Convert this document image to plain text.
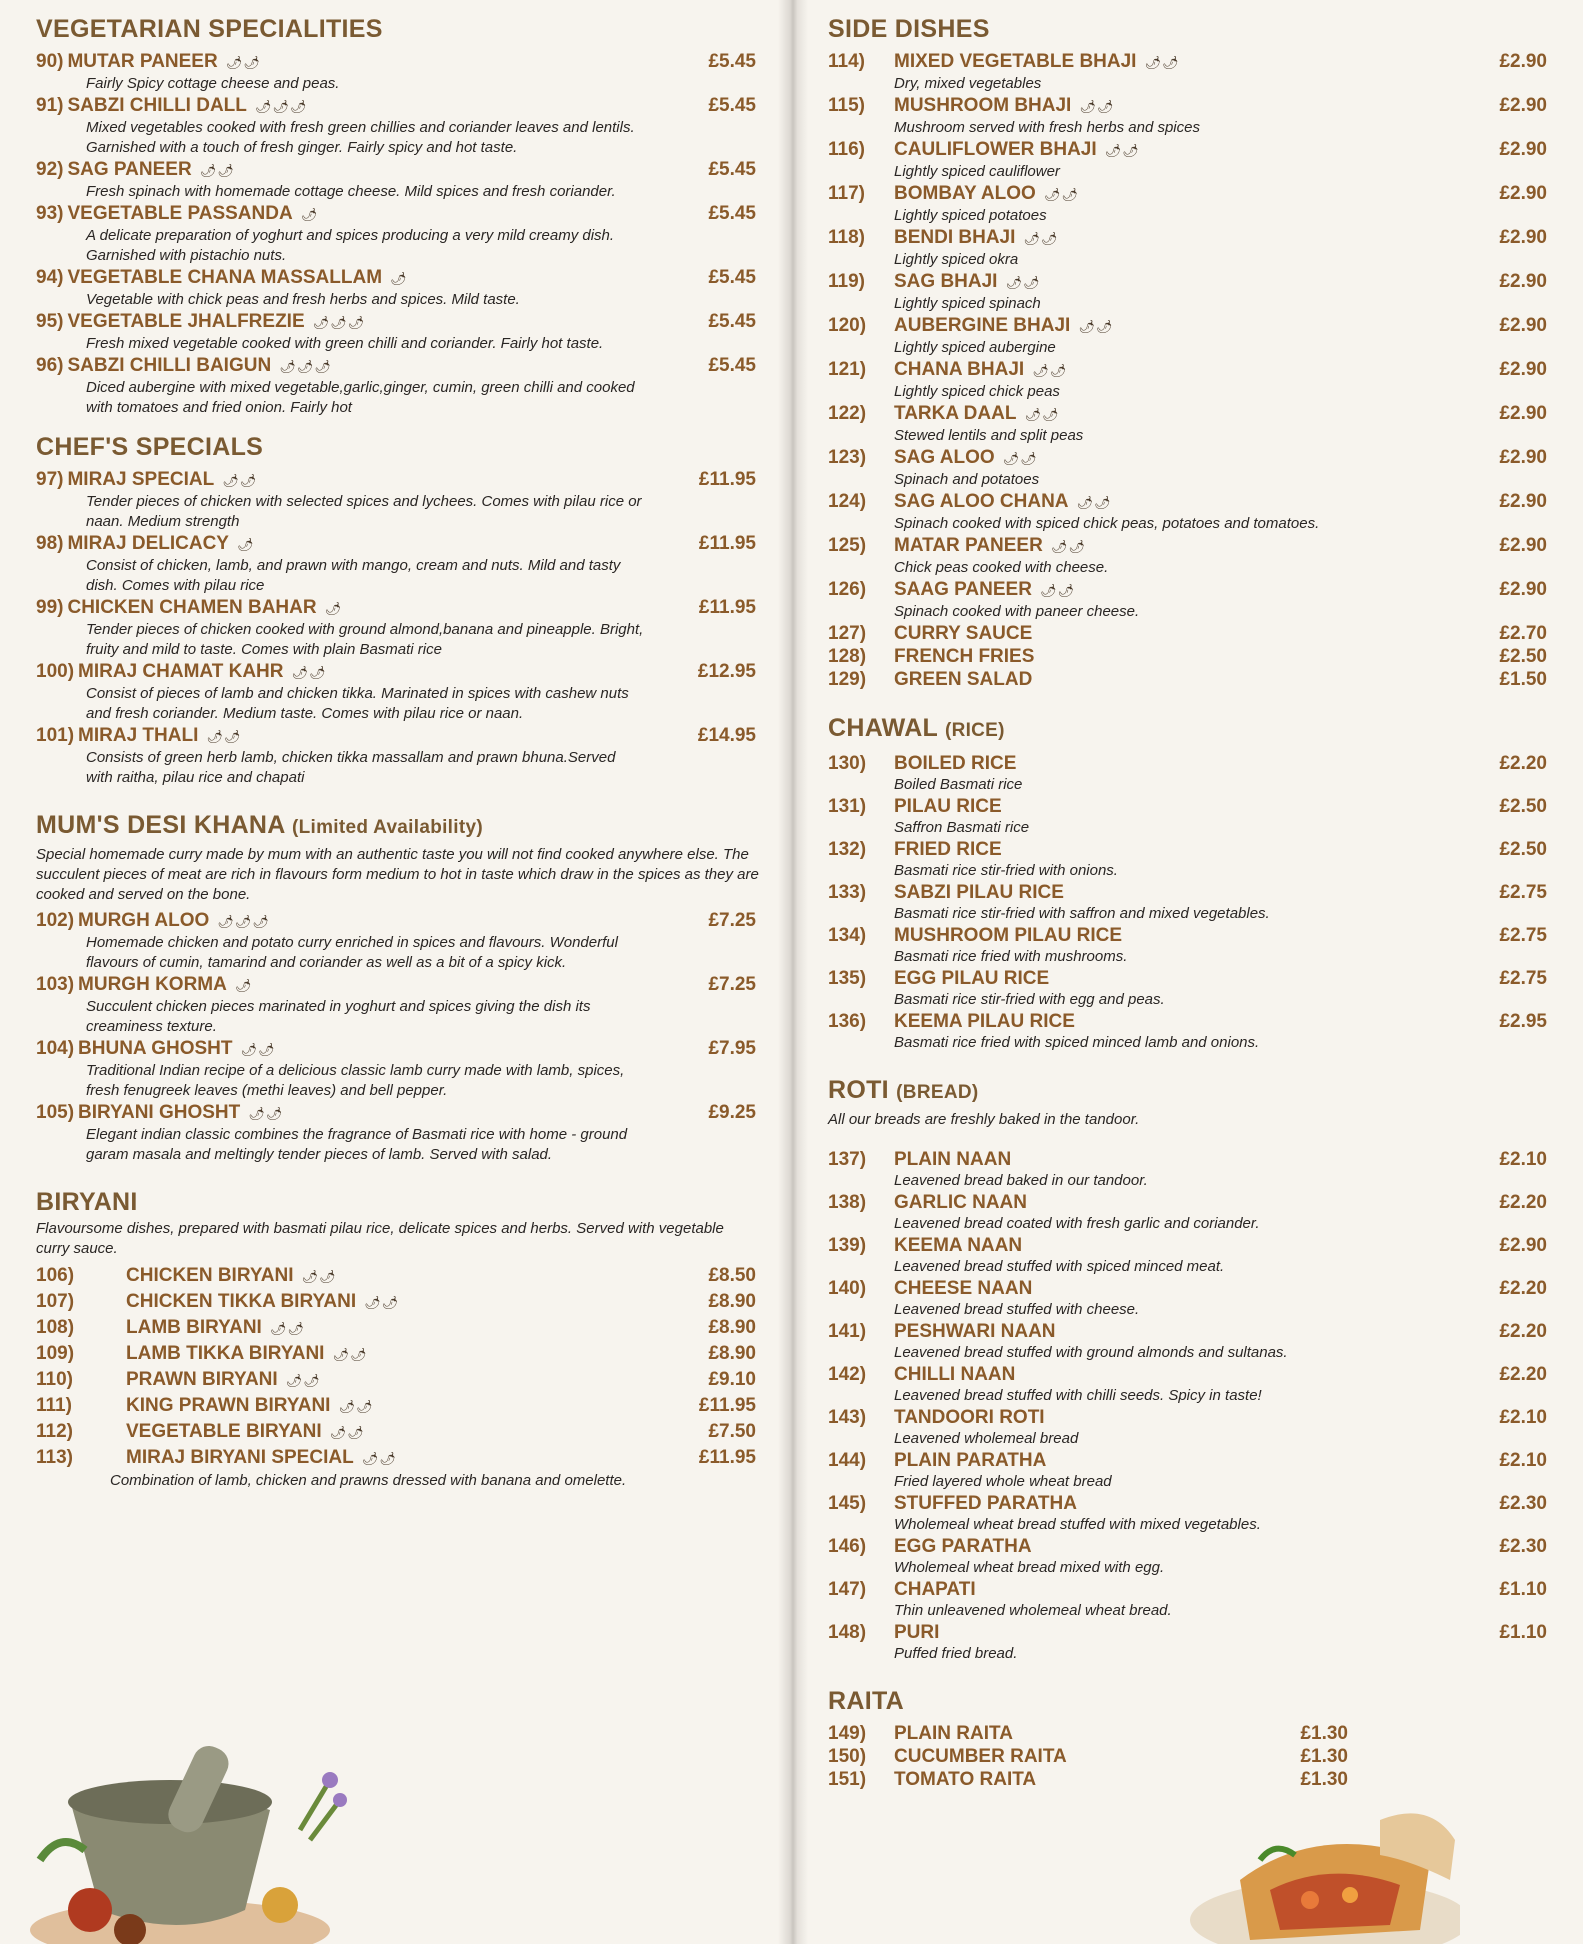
VEGETARIAN SPECIALITIES
90) MUTAR PANEER 🌶🌶	£5.45
Fairly Spicy cottage cheese and peas.
91) SABZI CHILLI DALL 🌶🌶🌶	£5.45
Mixed vegetables cooked with fresh green chillies and coriander leaves and lentils. Garnished with a touch of fresh ginger. Fairly spicy and hot taste.
92) SAG PANEER 🌶🌶	£5.45
Fresh spinach with homemade cottage cheese. Mild spices and fresh coriander.
93) VEGETABLE PASSANDA 🌶	£5.45
A delicate preparation of yoghurt and spices producing a very mild creamy dish. Garnished with pistachio nuts.
94) VEGETABLE CHANA MASSALLAM 🌶	£5.45
Vegetable with chick peas and fresh herbs and spices. Mild taste.
95) VEGETABLE JHALFREZIE 🌶🌶🌶	£5.45
Fresh mixed vegetable cooked with green chilli and coriander. Fairly hot taste.
96) SABZI CHILLI BAIGUN 🌶🌶🌶	£5.45
Diced aubergine with mixed vegetable,garlic,ginger, cumin, green chilli and cooked with tomatoes and fried onion. Fairly hot
CHEF'S SPECIALS
97) MIRAJ SPECIAL 🌶🌶	£11.95
Tender pieces of chicken with selected spices and lychees. Comes with pilau rice or naan. Medium strength
98) MIRAJ DELICACY 🌶	£11.95
Consist of chicken, lamb, and prawn with mango, cream and nuts. Mild and tasty dish. Comes with pilau rice
99) CHICKEN CHAMEN BAHAR 🌶	£11.95
Tender pieces of chicken cooked with ground almond,banana and pineapple. Bright, fruity and mild to taste. Comes with plain Basmati rice
100) MIRAJ CHAMAT KAHR 🌶🌶	£12.95
Consist of pieces of lamb and chicken tikka. Marinated in spices with cashew nuts and fresh coriander. Medium taste. Comes with pilau rice or naan.
101) MIRAJ THALI 🌶🌶	£14.95
Consists of green herb lamb, chicken tikka massallam and prawn bhuna.Served with raitha, pilau rice and chapati
MUM'S DESI KHANA (Limited Availability)
Special homemade curry made by mum with an authentic taste you will not find cooked anywhere else. The succulent pieces of meat are rich in flavours form medium to hot in taste which draw in the spices as they are cooked and served on the bone.
102) MURGH ALOO 🌶🌶🌶	£7.25
Homemade chicken and potato curry enriched in spices and flavours. Wonderful flavours of cumin, tamarind and coriander as well as a bit of a spicy kick.
103) MURGH KORMA 🌶	£7.25
Succulent chicken pieces marinated in yoghurt and spices giving the dish its creaminess texture.
104) BHUNA GHOSHT 🌶🌶	£7.95
Traditional Indian recipe of a delicious classic lamb curry made with lamb, spices, fresh fenugreek leaves (methi leaves) and bell pepper.
105) BIRYANI GHOSHT 🌶🌶	£9.25
Elegant indian classic combines the fragrance of Basmati rice with home - ground garam masala and meltingly tender pieces of lamb. Served with salad.
BIRYANI
Flavoursome dishes, prepared with basmati pilau rice, delicate spices and herbs. Served with vegetable curry sauce.
106)	CHICKEN BIRYANI 🌶🌶	£8.50
107)	CHICKEN TIKKA BIRYANI 🌶🌶	£8.90
108)	LAMB BIRYANI 🌶🌶	£8.90
109)	LAMB TIKKA BIRYANI 🌶🌶	£8.90
110)	PRAWN BIRYANI 🌶🌶	£9.10
111)	KING PRAWN BIRYANI 🌶🌶	£11.95
112)	VEGETABLE BIRYANI 🌶🌶	£7.50
113)	MIRAJ BIRYANI SPECIAL 🌶🌶	£11.95
Combination of lamb, chicken and prawns dressed with banana and omelette.
SIDE DISHES
114)	MIXED VEGETABLE BHAJI 🌶🌶	£2.90
Dry, mixed vegetables
115)	MUSHROOM BHAJI 🌶🌶	£2.90
Mushroom served with fresh herbs and spices
116)	CAULIFLOWER BHAJI 🌶🌶	£2.90
Lightly spiced cauliflower
117)	BOMBAY ALOO 🌶🌶	£2.90
Lightly spiced potatoes
118)	BENDI BHAJI 🌶🌶	£2.90
Lightly spiced okra
119)	SAG BHAJI 🌶🌶	£2.90
Lightly spiced spinach
120)	AUBERGINE BHAJI 🌶🌶	£2.90
Lightly spiced aubergine
121)	CHANA BHAJI 🌶🌶	£2.90
Lightly spiced chick peas
122)	TARKA DAAL 🌶🌶	£2.90
Stewed lentils and split peas
123)	SAG ALOO 🌶🌶	£2.90
Spinach and potatoes
124)	SAG ALOO CHANA 🌶🌶	£2.90
Spinach cooked with spiced chick peas, potatoes and tomatoes.
125)	MATAR PANEER 🌶🌶	£2.90
Chick peas cooked with cheese.
126)	SAAG PANEER 🌶🌶	£2.90
Spinach cooked with paneer cheese.
127)	CURRY SAUCE	£2.70
128)	FRENCH FRIES	£2.50
129)	GREEN SALAD	£1.50
CHAWAL (RICE)
130)	BOILED RICE	£2.20
Boiled Basmati rice
131)	PILAU RICE	£2.50
Saffron Basmati rice
132)	FRIED RICE	£2.50
Basmati rice stir-fried with onions.
133)	SABZI PILAU RICE	£2.75
Basmati rice stir-fried with saffron and mixed vegetables.
134)	MUSHROOM PILAU RICE	£2.75
Basmati rice fried with mushrooms.
135)	EGG PILAU RICE	£2.75
Basmati rice stir-fried with egg and peas.
136)	KEEMA PILAU RICE	£2.95
Basmati rice fried with spiced minced lamb and onions.
ROTI (BREAD)
All our breads are freshly baked in the tandoor.
137)	PLAIN NAAN	£2.10
Leavened bread baked in our tandoor.
138)	GARLIC NAAN	£2.20
Leavened bread coated with fresh garlic and coriander.
139)	KEEMA NAAN	£2.90
Leavened bread stuffed with spiced minced meat.
140)	CHEESE NAAN	£2.20
Leavened bread stuffed with cheese.
141)	PESHWARI NAAN	£2.20
Leavened bread stuffed with ground almonds and sultanas.
142)	CHILLI NAAN	£2.20
Leavened bread stuffed with chilli seeds. Spicy in taste!
143)	TANDOORI ROTI	£2.10
Leavened wholemeal bread
144)	PLAIN PARATHA	£2.10
Fried layered whole wheat bread
145)	STUFFED PARATHA	£2.30
Wholemeal wheat bread stuffed with mixed vegetables.
146)	EGG PARATHA	£2.30
Wholemeal wheat bread mixed with egg.
147)	CHAPATI	£1.10
Thin unleavened wholemeal wheat bread.
148)	PURI	£1.10
Puffed fried bread.
RAITA
149)	PLAIN RAITA	£1.30
150)	CUCUMBER RAITA	£1.30
151)	TOMATO RAITA	£1.30
